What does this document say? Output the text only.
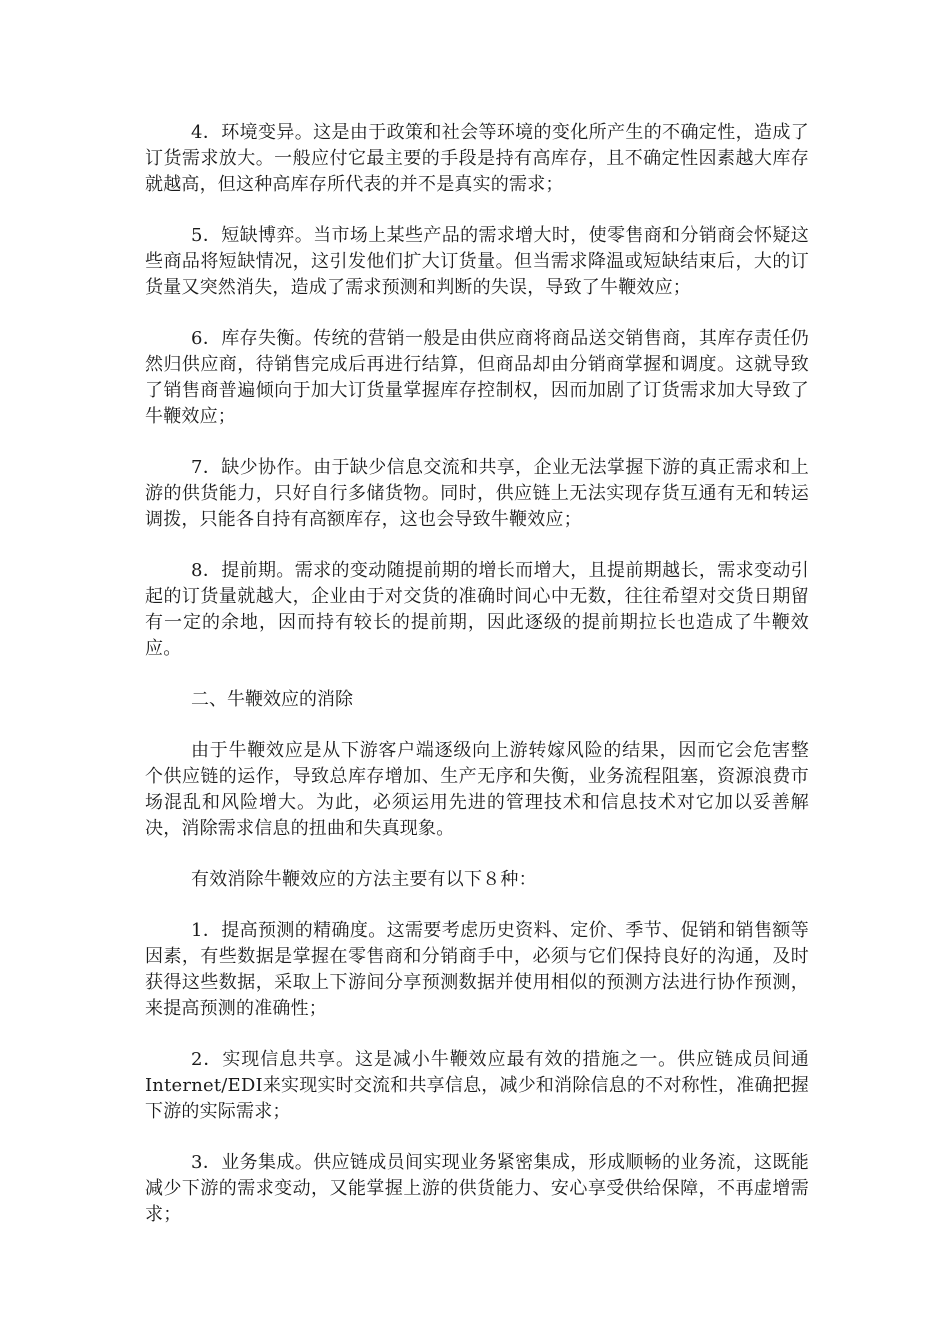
4．环境变异。这是由于政策和社会等环境的变化所产生的不确定性，造成了订货需求放大。一般应付它最主要的手段是持有高库存，且不确定性因素越大库存就越高，但这种高库存所代表的并不是真实的需求；

5．短缺博弈。当市场上某些产品的需求增大时，使零售商和分销商会怀疑这些商品将短缺情况，这引发他们扩大订货量。但当需求降温或短缺结束后，大的订货量又突然消失，造成了需求预测和判断的失误，导致了牛鞭效应；

6．库存失衡。传统的营销一般是由供应商将商品送交销售商，其库存责任仍然归供应商，待销售完成后再进行结算，但商品却由分销商掌握和调度。这就导致了销售商普遍倾向于加大订货量掌握库存控制权，因而加剧了订货需求加大导致了牛鞭效应；

7．缺少协作。由于缺少信息交流和共享，企业无法掌握下游的真正需求和上游的供货能力，只好自行多储货物。同时，供应链上无法实现存货互通有无和转运调拨，只能各自持有高额库存，这也会导致牛鞭效应；

8．提前期。需求的变动随提前期的增长而增大，且提前期越长，需求变动引起的订货量就越大，企业由于对交货的准确时间心中无数，往往希望对交货日期留有一定的余地，因而持有较长的提前期，因此逐级的提前期拉长也造成了牛鞭效应。

二、牛鞭效应的消除

由于牛鞭效应是从下游客户端逐级向上游转嫁风险的结果，因而它会危害整个供应链的运作，导致总库存增加、生产无序和失衡，业务流程阻塞，资源浪费市场混乱和风险增大。为此，必须运用先进的管理技术和信息技术对它加以妥善解决，消除需求信息的扭曲和失真现象。

有效消除牛鞭效应的方法主要有以下８种：

1．提高预测的精确度。这需要考虑历史资料、定价、季节、促销和销售额等因素，有些数据是掌握在零售商和分销商手中，必须与它们保持良好的沟通，及时获得这些数据，采取上下游间分享预测数据并使用相似的预测方法进行协作预测，来提高预测的准确性；

2．实现信息共享。这是减小牛鞭效应最有效的措施之一。供应链成员间通Internet/EDI来实现实时交流和共享信息，减少和消除信息的不对称性，准确把握下游的实际需求；

3．业务集成。供应链成员间实现业务紧密集成，形成顺畅的业务流，这既能减少下游的需求变动，又能掌握上游的供货能力、安心享受供给保障，不再虚增需求；
